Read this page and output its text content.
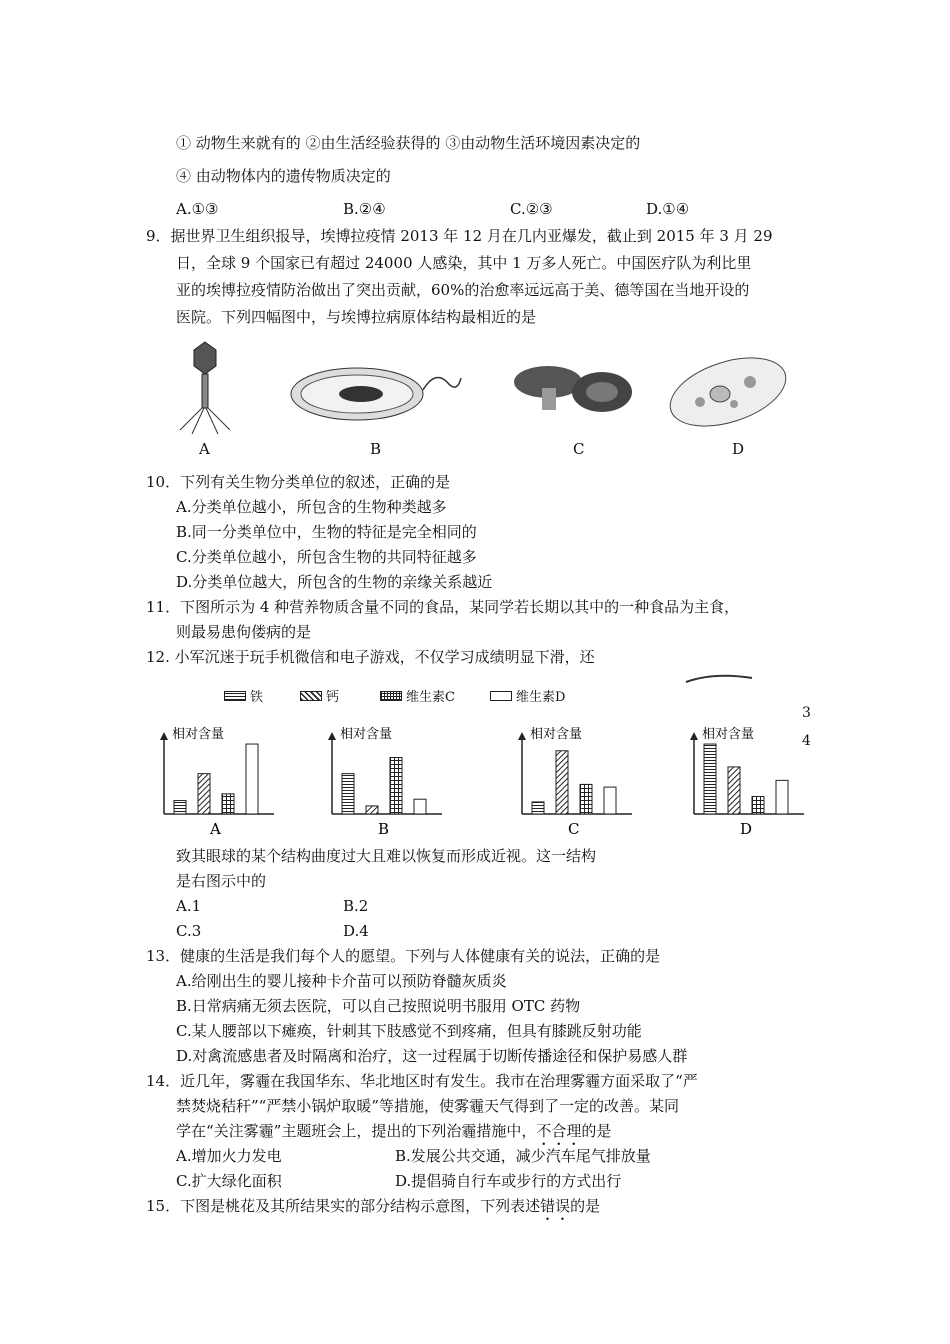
① 动物生来就有的 ②由生活经验获得的 ③由动物生活环境因素决定的
④ 由动物体内的遗传物质决定的
A.①③	B.②④	C.②③	D.①④
9．据世界卫生组织报导，埃博拉疫情 2013 年 12 月在几内亚爆发，截止到 2015 年 3 月 29
日，全球 9 个国家已有超过 24000 人感染，其中 1 万多人死亡。中国医疗队为利比里
亚的埃博拉疫情防治做出了突出贡献，60%的治愈率远远高于美、德等国在当地开设的
医院。下列四幅图中，与埃博拉病原体结构最相近的是
A	B	C	D
10．下列有关生物分类单位的叙述，正确的是
A.分类单位越小，所包含的生物种类越多
B.同一分类单位中，生物的特征是完全相同的
C.分类单位越小，所包含生物的共同特征越多
D.分类单位越大，所包含的生物的亲缘关系越近
11．下图所示为 4 种营养物质含量不同的食品，某同学若长期以其中的一种食品为主食，
则最易患佝偻病的是
12. 小军沉迷于玩手机微信和电子游戏，不仅学习成绩明显下滑，还
铁	钙	维生素C	维生素D
3
4
相对含量
A
相对含量
B
相对含量
C
相对含量
D
致其眼球的某个结构曲度过大且难以恢复而形成近视。这一结构
是右图示中的
A.1	B.2
C.3	D.4
13．健康的生活是我们每个人的愿望。下列与人体健康有关的说法，正确的是
A.给刚出生的婴儿接种卡介苗可以预防脊髓灰质炎
B.日常病痛无须去医院，可以自己按照说明书服用 OTC 药物
C.某人腰部以下瘫痪，针刺其下肢感觉不到疼痛，但具有膝跳反射功能
D.对禽流感患者及时隔离和治疗，这一过程属于切断传播途径和保护易感人群
14．近几年，雾霾在我国华东、华北地区时有发生。我市在治理雾霾方面采取了“严
禁焚烧秸秆”“严禁小锅炉取暖”等措施，使雾霾天气得到了一定的改善。某同
学在“关注雾霾”主题班会上，提出的下列治霾措施中，不合理的是
A.增加火力发电	B.发展公共交通，减少汽车尾气排放量
C.扩大绿化面积	D.提倡骑自行车或步行的方式出行
15．下图是桃花及其所结果实的部分结构示意图，下列表述错误的是
